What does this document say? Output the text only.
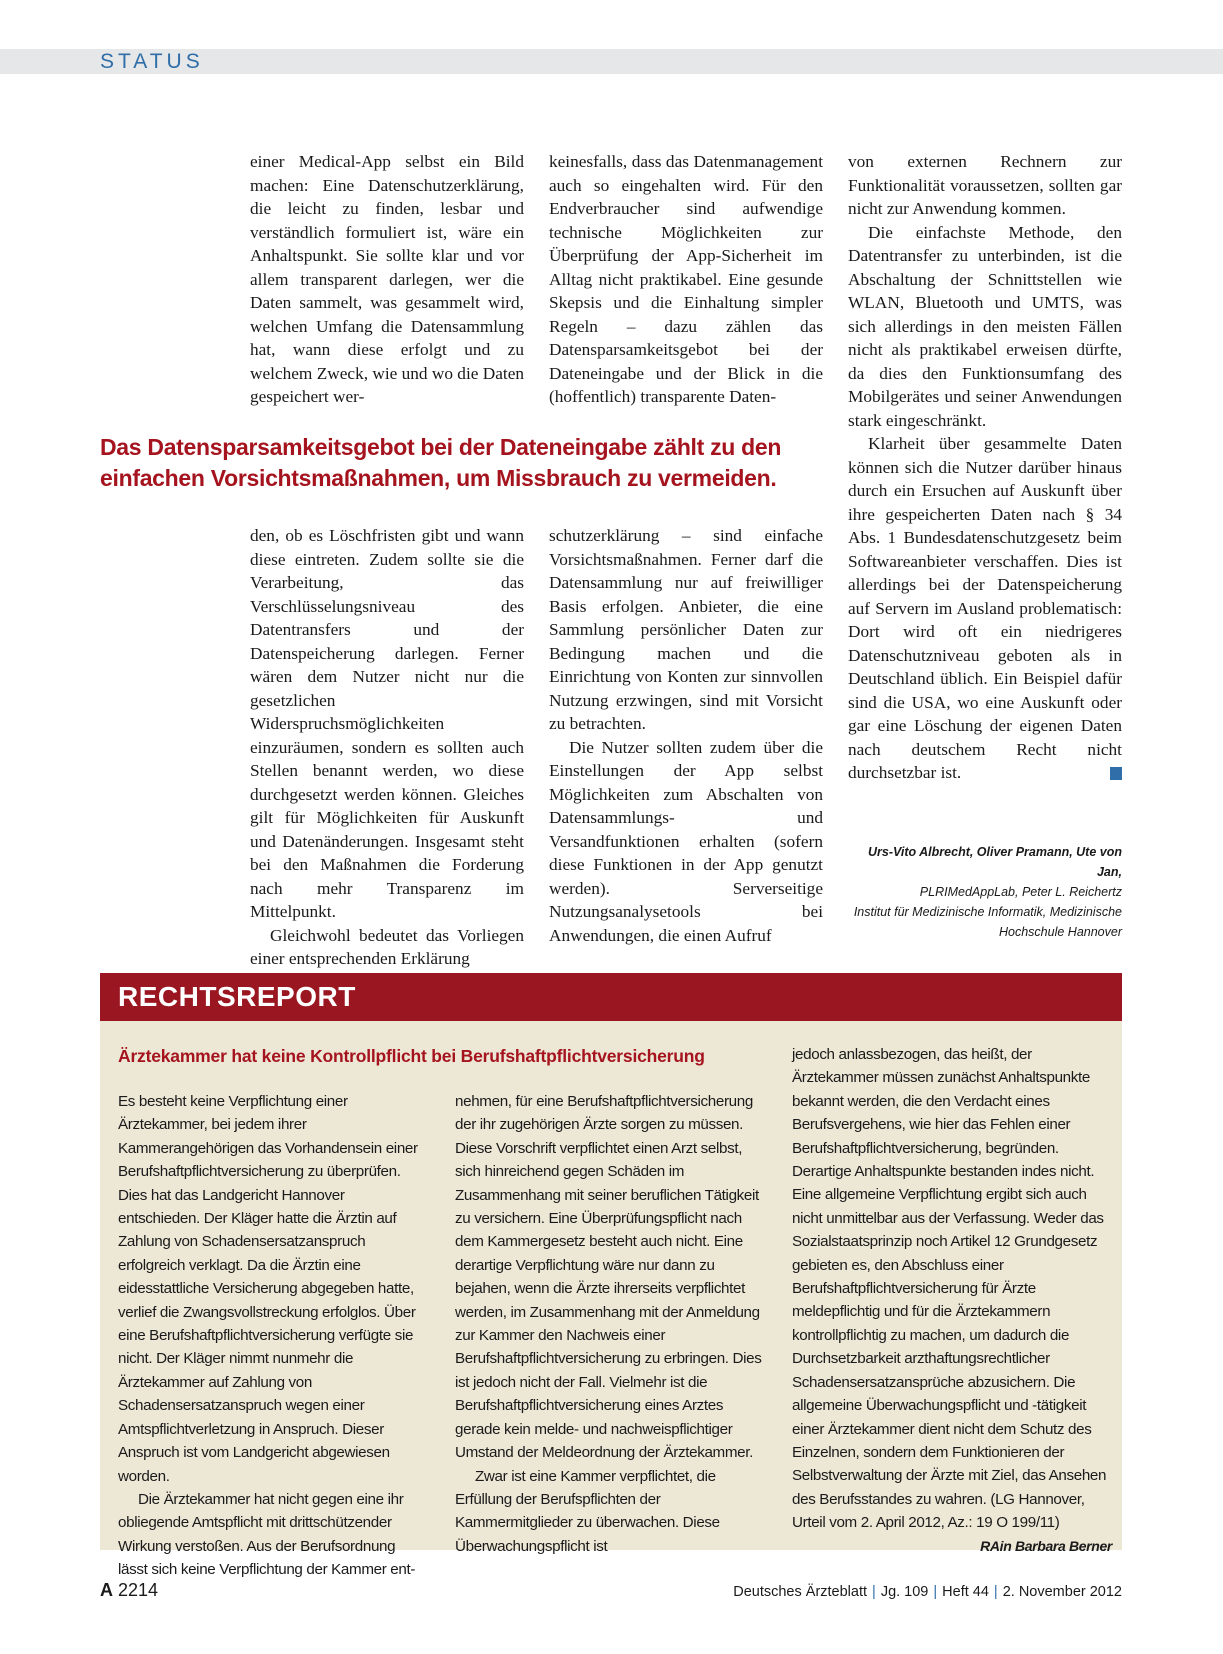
STATUS

einer Medical-App selbst ein Bild machen: Eine Datenschutzerklärung, die leicht zu finden, lesbar und verständlich formuliert ist, wäre ein Anhaltspunkt. Sie sollte klar und vor allem transparent darlegen, wer die Daten sammelt, was gesammelt wird, welchen Umfang die Datensammlung hat, wann diese erfolgt und zu welchem Zweck, wie und wo die Daten gespeichert wer-

keinesfalls, dass das Datenmanagement auch so eingehalten wird. Für den Endverbraucher sind aufwendige technische Möglichkeiten zur Überprüfung der App-Sicherheit im Alltag nicht praktikabel. Eine gesunde Skepsis und die Einhaltung simpler Regeln – dazu zählen das Datensparsamkeitsgebot bei der Dateneingabe und der Blick in die (hoffentlich) transparente Daten-

von externen Rechnern zur Funktionalität voraussetzen, sollten gar nicht zur Anwendung kommen.

Die einfachste Methode, den Datentransfer zu unterbinden, ist die Abschaltung der Schnittstellen wie WLAN, Bluetooth und UMTS, was sich allerdings in den meisten Fällen nicht als praktikabel erweisen dürfte, da dies den Funktionsumfang des Mobilgerätes und seiner Anwendungen stark eingeschränkt.

Klarheit über gesammelte Daten können sich die Nutzer darüber hinaus durch ein Ersuchen auf Auskunft über ihre gespeicherten Daten nach § 34 Abs. 1 Bundesdatenschutzgesetz beim Softwareanbieter verschaffen. Dies ist allerdings bei der Datenspeicherung auf Servern im Ausland problematisch: Dort wird oft ein niedrigeres Datenschutzniveau geboten als in Deutschland üblich. Ein Beispiel dafür sind die USA, wo eine Auskunft oder gar eine Löschung der eigenen Daten nach deutschem Recht nicht durchsetzbar ist.

Das Datensparsamkeitsgebot bei der Dateneingabe zählt zu den einfachen Vorsichtsmaßnahmen, um Missbrauch zu vermeiden.

den, ob es Löschfristen gibt und wann diese eintreten. Zudem sollte sie die Verarbeitung, das Verschlüsselungsniveau des Datentransfers und der Datenspeicherung darlegen. Ferner wären dem Nutzer nicht nur die gesetzlichen Widerspruchsmöglichkeiten einzuräumen, sondern es sollten auch Stellen benannt werden, wo diese durchgesetzt werden können. Gleiches gilt für Möglichkeiten für Auskunft und Datenänderungen. Insgesamt steht bei den Maßnahmen die Forderung nach mehr Transparenz im Mittelpunkt.

Gleichwohl bedeutet das Vorliegen einer entsprechenden Erklärung

schutzerklärung – sind einfache Vorsichtsmaßnahmen. Ferner darf die Datensammlung nur auf freiwilliger Basis erfolgen. Anbieter, die eine Sammlung persönlicher Daten zur Bedingung machen und die Einrichtung von Konten zur sinnvollen Nutzung erzwingen, sind mit Vorsicht zu betrachten.

Die Nutzer sollten zudem über die Einstellungen der App selbst Möglichkeiten zum Abschalten von Datensammlungs- und Versandfunktionen erhalten (sofern diese Funktionen in der App genutzt werden). Serverseitige Nutzungsanalysetools bei Anwendungen, die einen Aufruf

Urs-Vito Albrecht, Oliver Pramann, Ute von Jan,
PLRIMedAppLab, Peter L. Reichertz
Institut für Medizinische Informatik, Medizinische
Hochschule Hannover
RECHTSREPORT
Ärztekammer hat keine Kontrollpflicht bei Berufshaftpflichtversicherung

Es besteht keine Verpflichtung einer Ärztekammer, bei jedem ihrer Kammerangehörigen das Vorhandensein einer Berufshaftpflichtversicherung zu überprüfen. Dies hat das Landgericht Hannover entschieden. Der Kläger hatte die Ärztin auf Zahlung von Schadensersatzanspruch erfolgreich verklagt. Da die Ärztin eine eidesstattliche Versicherung abgegeben hatte, verlief die Zwangsvollstreckung erfolglos. Über eine Berufshaftpflichtversicherung verfügte sie nicht. Der Kläger nimmt nunmehr die Ärztekammer auf Zahlung von Schadensersatzanspruch wegen einer Amtspflichtverletzung in Anspruch. Dieser Anspruch ist vom Landgericht abgewiesen worden.

Die Ärztekammer hat nicht gegen eine ihr obliegende Amtspflicht mit drittschützender Wirkung verstoßen. Aus der Berufsordnung lässt sich keine Verpflichtung der Kammer ent-

nehmen, für eine Berufshaftpflichtversicherung der ihr zugehörigen Ärzte sorgen zu müssen. Diese Vorschrift verpflichtet einen Arzt selbst, sich hinreichend gegen Schäden im Zusammenhang mit seiner beruflichen Tätigkeit zu versichern. Eine Überprüfungspflicht nach dem Kammergesetz besteht auch nicht. Eine derartige Verpflichtung wäre nur dann zu bejahen, wenn die Ärzte ihrerseits verpflichtet werden, im Zusammenhang mit der Anmeldung zur Kammer den Nachweis einer Berufshaftpflichtversicherung zu erbringen. Dies ist jedoch nicht der Fall. Vielmehr ist die Berufshaftpflichtversicherung eines Arztes gerade kein melde- und nachweispflichtiger Umstand der Meldeordnung der Ärztekammer.

Zwar ist eine Kammer verpflichtet, die Erfüllung der Berufspflichten der Kammermitglieder zu überwachen. Diese Überwachungspflicht ist

jedoch anlassbezogen, das heißt, der Ärztekammer müssen zunächst Anhaltspunkte bekannt werden, die den Verdacht eines Berufsvergehens, wie hier das Fehlen einer Berufshaftpflichtversicherung, begründen. Derartige Anhaltspunkte bestanden indes nicht. Eine allgemeine Verpflichtung ergibt sich auch nicht unmittelbar aus der Verfassung. Weder das Sozialstaatsprinzip noch Artikel 12 Grundgesetz gebieten es, den Abschluss einer Berufshaftpflichtversicherung für Ärzte meldepflichtig und für die Ärztekammern kontrollpflichtig zu machen, um dadurch die Durchsetzbarkeit arzthaftungsrechtlicher Schadensersatzansprüche abzusichern. Die allgemeine Überwachungspflicht und -tätigkeit einer Ärztekammer dient nicht dem Schutz des Einzelnen, sondern dem Funktionieren der Selbstverwaltung der Ärzte mit Ziel, das Ansehen des Berufsstandes zu wahren. (LG Hannover, Urteil vom 2. April 2012, Az.: 19 O 199/11)
RAin Barbara Berner

A 2214	Deutsches Ärzteblatt | Jg. 109 | Heft 44 | 2. November 2012
